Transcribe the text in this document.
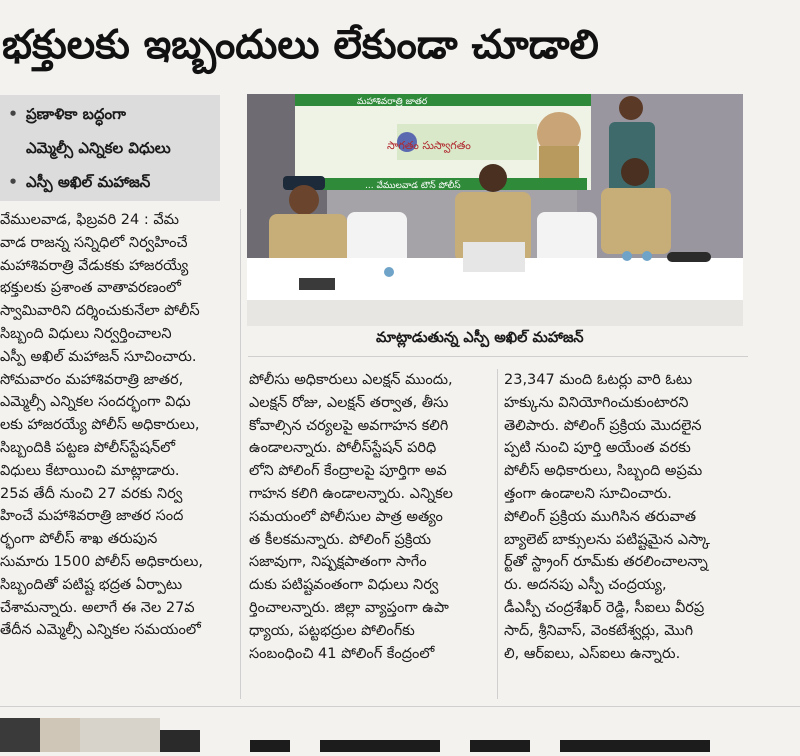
భక్తులకు ఇబ్బందులు లేకుండా చూడాలి
• ప్రణాళికా బద్ధంగా
ఎమ్మెల్సీ ఎన్నికల విధులు
• ఎస్పీ అఖిల్ మహాజన్
మహాశివరాత్రి జాతర
సాగతం సుస్వాగతం
... వేములవాడ టౌన్ పోలీస్
మాట్లాడుతున్న ఎస్పీ అఖిల్ మహాజన్
వేములవాడ, ఫిబ్రవరి 24 : వేమ
వాడ రాజన్న సన్నిధిలో నిర్వహించే
మహాశివరాత్రి వేడుకకు హాజరయ్యే
భక్తులకు ప్రశాంత వాతావరణంలో
స్వామివారిని దర్శించుకునేలా పోలీస్
సిబ్బంది విధులు నిర్వర్తించాలని
ఎస్పీ అఖిల్ మహాజన్ సూచించారు.
సోమవారం మహాశివరాత్రి జాతర,
ఎమ్మెల్సీ ఎన్నికల సందర్భంగా విధు
లకు హాజరయ్యే పోలీస్ అధికారులు,
సిబ్బందికి పట్టణ పోలీస్‌స్టేషన్‌లో
విధులు కేటాయించి మాట్లాడారు.
25వ తేదీ నుంచి 27 వరకు నిర్వ
హించే మహాశివరాత్రి జాతర సంద
ర్భంగా పోలీస్ శాఖ తరుపున
సుమారు 1500 పోలీస్ అధికారులు,
సిబ్బందితో పటిష్ట భద్రత ఏర్పాటు
చేశామన్నారు. అలాగే ఈ నెల 27వ
తేదీన ఎమ్మెల్సీ ఎన్నికల సమయంలో
పోలీసు అధికారులు ఎలక్షన్ ముందు,
ఎలక్షన్ రోజు, ఎలక్షన్ తర్వాత, తీసు
కోవాల్సిన చర్యలపై అవగాహన కలిగి
ఉండాలన్నారు. పోలీస్‌స్టేషన్ పరిధి
లోని పోలింగ్ కేంద్రాలపై పూర్తిగా అవ
గాహన కలిగి ఉండాలన్నారు. ఎన్నికల
సమయంలో పోలీసుల పాత్ర అత్యం
త కీలకమన్నారు. పోలింగ్ ప్రక్రియ
సజావుగా, నిష్పక్షపాతంగా సాగేం
దుకు పటిష్టవంతంగా విధులు నిర్వ
ర్తించాలన్నారు. జిల్లా వ్యాప్తంగా ఉపా
ధ్యాయ, పట్టభద్రుల పోలింగ్‌కు
సంబంధించి 41 పోలింగ్ కేంద్రంలో
23,347 మంది ఓటర్లు వారి ఓటు
హక్కును వినియోగించుకుంటారని
తెలిపారు. పోలింగ్ ప్రక్రియ మొదలైన
ప్పటి నుంచి పూర్తి అయేంత వరకు
పోలీస్ అధికారులు, సిబ్బంది అప్రమ
త్తంగా ఉండాలని సూచించారు.
పోలింగ్ ప్రక్రియ ముగిసిన తరువాత
బ్యాలెట్ బాక్సులను పటిష్టమైన ఎస్కా
ర్ట్‌తో స్ట్రాంగ్ రూమ్‌కు తరలించాలన్నా
రు. అదనపు ఎస్పీ చంద్రయ్య,
డీఎస్పీ చంద్రశేఖర్ రెడ్డి, సీఐలు వీరప్ర
సాద్, శ్రీనివాస్, వెంకటేశ్వర్లు, మొగి
లి, ఆర్‌ఐలు, ఎస్‌ఐలు ఉన్నారు.
